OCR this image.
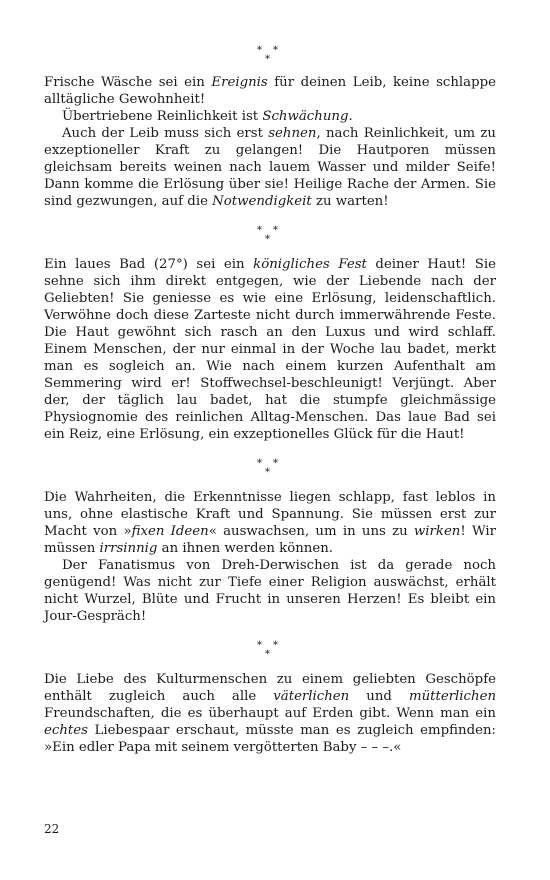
* *
*

Frische Wäsche sei ein Ereignis für deinen Leib, keine schlappe alltägliche Gewohnheit!

Übertriebene Reinlichkeit ist Schwächung.

Auch der Leib muss sich erst sehnen, nach Reinlichkeit, um zu exzeptioneller Kraft zu gelangen! Die Hautporen müssen gleichsam bereits weinen nach lauem Wasser und milder Seife! Dann komme die Erlösung über sie! Heilige Rache der Armen. Sie sind gezwungen, auf die Notwendigkeit zu warten!

* *
*

Ein laues Bad (27°) sei ein königliches Fest deiner Haut! Sie sehne sich ihm direkt entgegen, wie der Liebende nach der Geliebten! Sie geniesse es wie eine Erlösung, leidenschaftlich. Verwöhne doch diese Zarteste nicht durch immerwährende Feste. Die Haut gewöhnt sich rasch an den Luxus und wird schlaff. Einem Menschen, der nur einmal in der Woche lau badet, merkt man es sogleich an. Wie nach einem kurzen Aufenthalt am Semmering wird er! Stoffwechsel-beschleunigt! Verjüngt. Aber der, der täglich lau badet, hat die stumpfe gleichmässige Physiognomie des reinlichen Alltag-Menschen. Das laue Bad sei ein Reiz, eine Erlösung, ein exzeptionelles Glück für die Haut!

* *
*

Die Wahrheiten, die Erkenntnisse liegen schlapp, fast leblos in uns, ohne elastische Kraft und Spannung. Sie müssen erst zur Macht von »fixen Ideen« auswachsen, um in uns zu wirken! Wir müssen irrsinnig an ihnen werden können.

Der Fanatismus von Dreh-Derwischen ist da gerade noch genügend! Was nicht zur Tiefe einer Religion auswächst, erhält nicht Wurzel, Blüte und Frucht in unseren Herzen! Es bleibt ein Jour-Gespräch!

* *
*

Die Liebe des Kulturmenschen zu einem geliebten Geschöpfe enthält zugleich auch alle väterlichen und mütterlichen Freundschaften, die es überhaupt auf Erden gibt. Wenn man ein echtes Liebespaar erschaut, müsste man es zugleich empfinden: »Ein edler Papa mit seinem vergötterten Baby – – –.«

22
